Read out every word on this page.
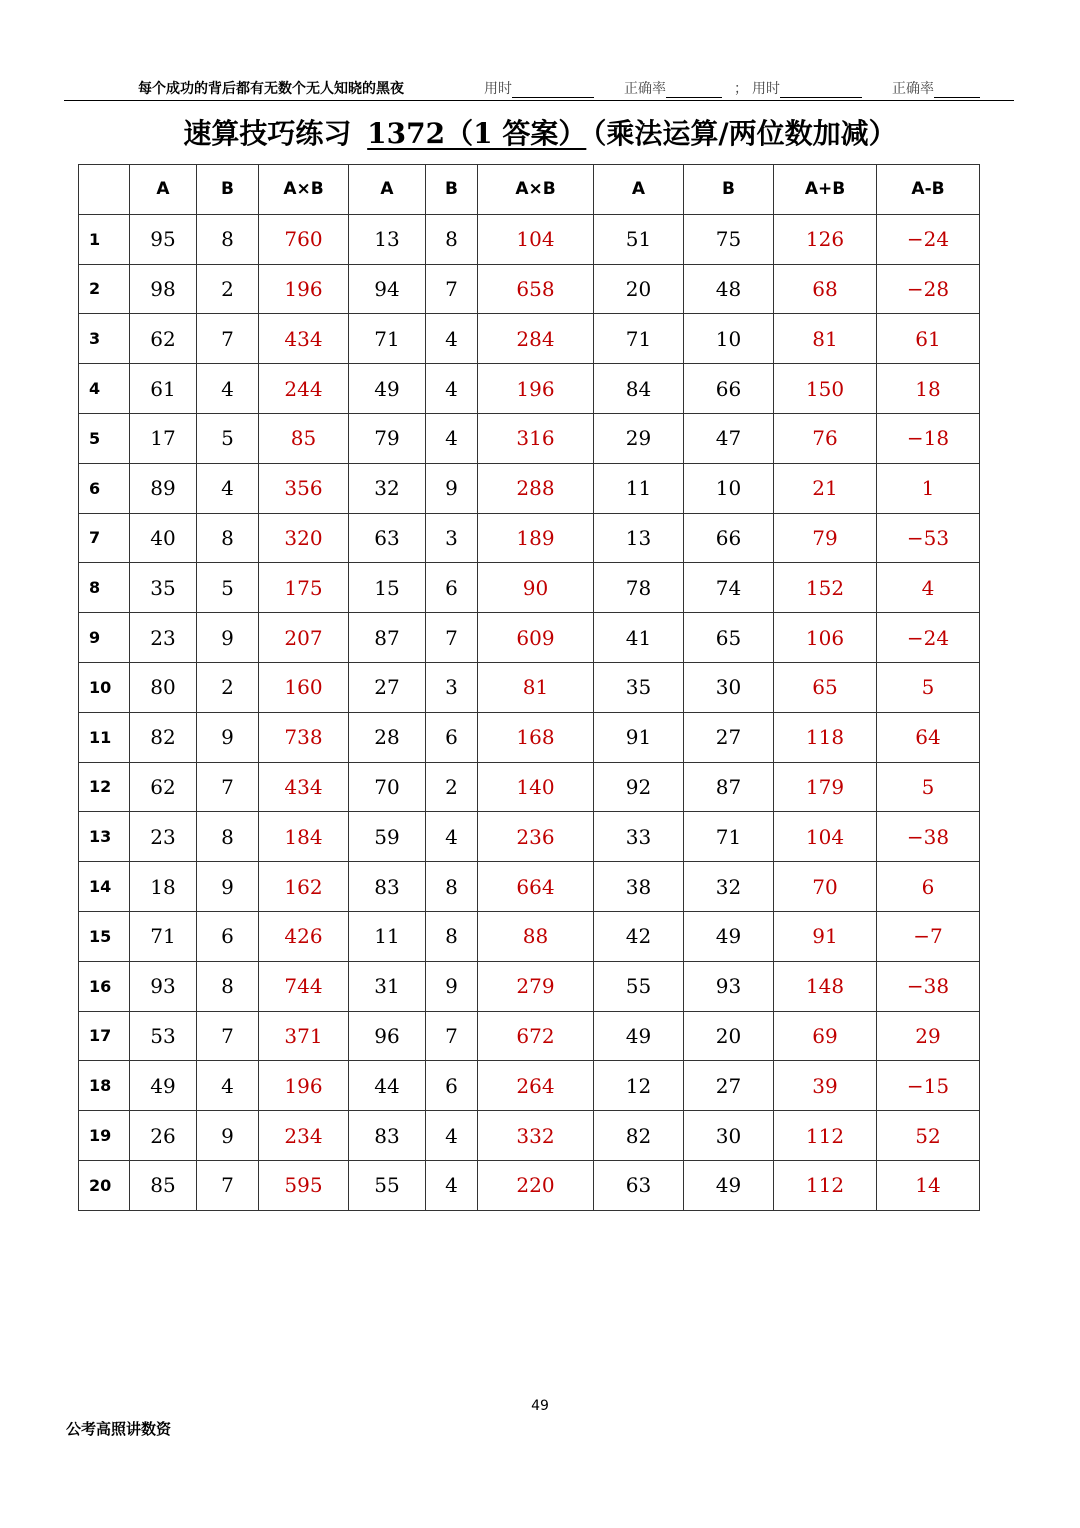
每个成功的背后都有无数个无人知晓的黑夜	用时	正确率	； 用时	正确率
速算技巧练习 1372（1 答案） （乘法运算/两位数加减）
	A	B	A×B	A	B	A×B	A	B	A+B	A-B
1	95	8	760	13	8	104	51	75	126	−24
2	98	2	196	94	7	658	20	48	68	−28
3	62	7	434	71	4	284	71	10	81	61
4	61	4	244	49	4	196	84	66	150	18
5	17	5	85	79	4	316	29	47	76	−18
6	89	4	356	32	9	288	11	10	21	1
7	40	8	320	63	3	189	13	66	79	−53
8	35	5	175	15	6	90	78	74	152	4
9	23	9	207	87	7	609	41	65	106	−24
10	80	2	160	27	3	81	35	30	65	5
11	82	9	738	28	6	168	91	27	118	64
12	62	7	434	70	2	140	92	87	179	5
13	23	8	184	59	4	236	33	71	104	−38
14	18	9	162	83	8	664	38	32	70	6
15	71	6	426	11	8	88	42	49	91	−7
16	93	8	744	31	9	279	55	93	148	−38
17	53	7	371	96	7	672	49	20	69	29
18	49	4	196	44	6	264	12	27	39	−15
19	26	9	234	83	4	332	82	30	112	52
20	85	7	595	55	4	220	63	49	112	14
49
公考高照讲数资
